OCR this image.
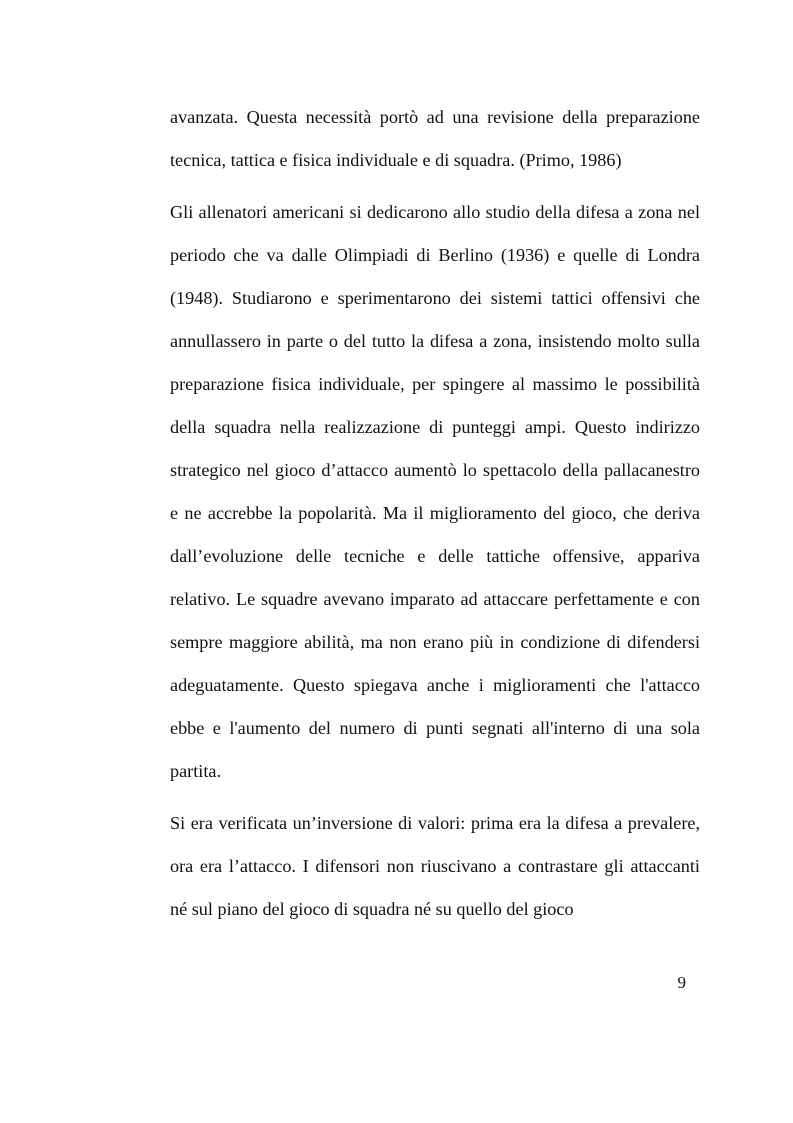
avanzata. Questa necessità portò ad una revisione della preparazione
tecnica, tattica e fisica individuale e di squadra. (Primo, 1986)
Gli allenatori americani si dedicarono allo studio della difesa a zona nel
periodo che va dalle Olimpiadi di Berlino (1936) e quelle di Londra
(1948). Studiarono e sperimentarono dei sistemi tattici offensivi che
annullassero in parte o del tutto la difesa a zona, insistendo molto sulla
preparazione fisica individuale, per spingere al massimo le possibilità
della squadra nella realizzazione di punteggi ampi. Questo indirizzo
strategico nel gioco d’attacco aumentò lo spettacolo della pallacanestro
e ne accrebbe la popolarità. Ma il miglioramento del gioco, che deriva
dall’evoluzione delle tecniche e delle tattiche offensive, appariva
relativo. Le squadre avevano imparato ad attaccare perfettamente e con
sempre maggiore abilità, ma non erano più in condizione di difendersi
adeguatamente. Questo spiegava anche i miglioramenti che l'attacco
ebbe e l'aumento del numero di punti segnati all'interno di una sola
partita.
Si era verificata un’inversione di valori: prima era la difesa a prevalere,
ora era l’attacco. I difensori non riuscivano a contrastare gli attaccanti
né sul piano del gioco di squadra né su quello del gioco
9
